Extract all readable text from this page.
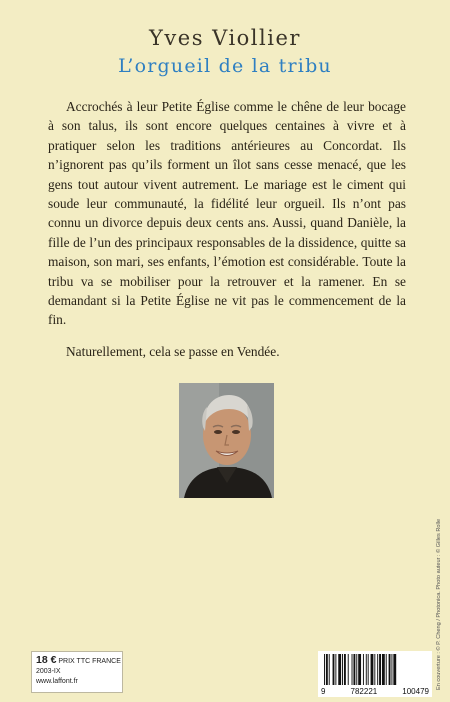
Yves Viollier
L’orgueil de la tribu

Accrochés à leur Petite Église comme le chêne de leur bocage à son talus, ils sont encore quelques centaines à vivre et à pratiquer selon les traditions antérieures au Concordat. Ils n’ignorent pas qu’ils forment un îlot sans cesse menacé, que les gens tout autour vivent autrement. Le mariage est le ciment qui soude leur communauté, la fidélité leur orgueil. Ils n’ont pas connu un divorce depuis deux cents ans. Aussi, quand Danièle, la fille de l’un des principaux responsables de la dissidence, quitte sa maison, son mari, ses enfants, l’émotion est considérable. Toute la tribu va se mobiliser pour la retrouver et la ramener. En se demandant si la Petite Église ne vit pas le commencement de la fin.

Naturellement, cela se passe en Vendée.

En couverture : © P. Cheng / Photonica. Photo auteur : © Gilles Rolle
18 € PRIX TTC FRANCE
2003-IX
www.laffont.fr
9	782221	100479
